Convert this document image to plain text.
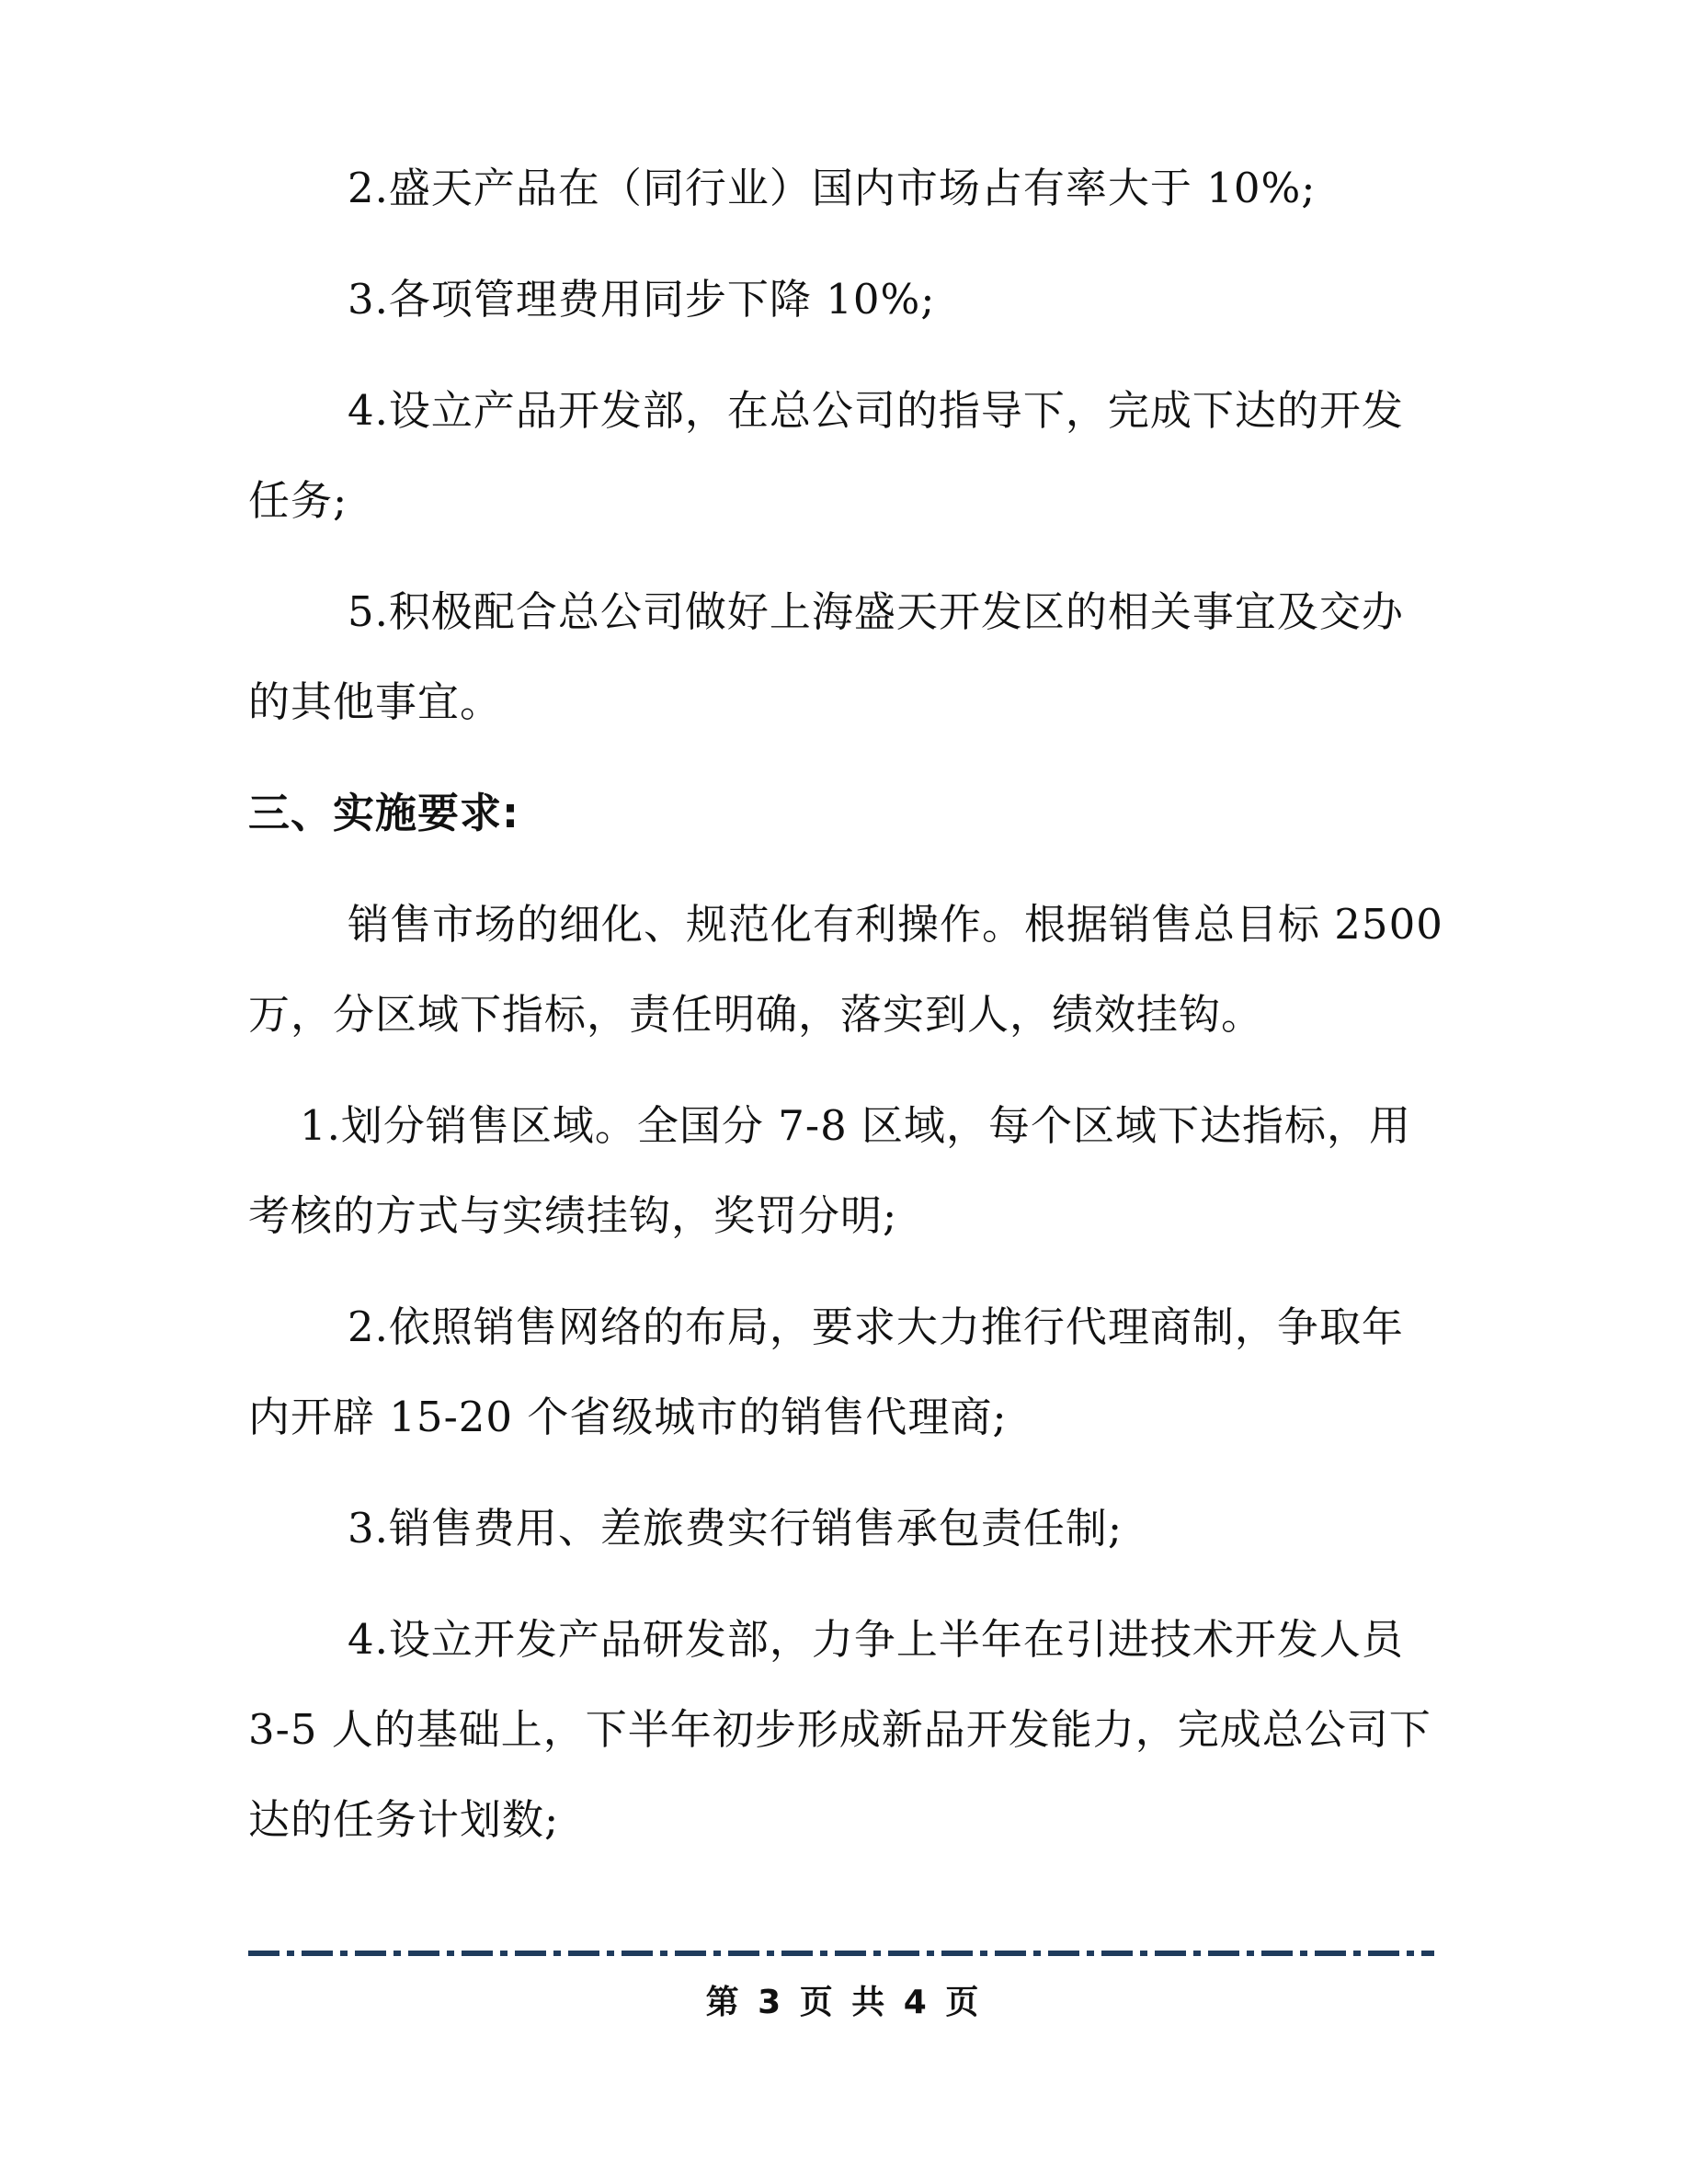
2.盛天产品在（同行业）国内市场占有率大于 10%;

3.各项管理费用同步下降 10%;

4.设立产品开发部，在总公司的指导下，完成下达的开发任务;

5.积极配合总公司做好上海盛天开发区的相关事宜及交办的其他事宜。

三、实施要求:

销售市场的细化、规范化有利操作。根据销售总目标 2500 万，分区域下指标，责任明确，落实到人，绩效挂钩。

1.划分销售区域。全国分 7-8 区域，每个区域下达指标，用考核的方式与实绩挂钩，奖罚分明;

2.依照销售网络的布局，要求大力推行代理商制，争取年内开辟 15-20 个省级城市的销售代理商;

3.销售费用、差旅费实行销售承包责任制;

4.设立开发产品研发部，力争上半年在引进技术开发人员 3-5 人的基础上，下半年初步形成新品开发能力，完成总公司下达的任务计划数;

第 3 页 共 4 页
